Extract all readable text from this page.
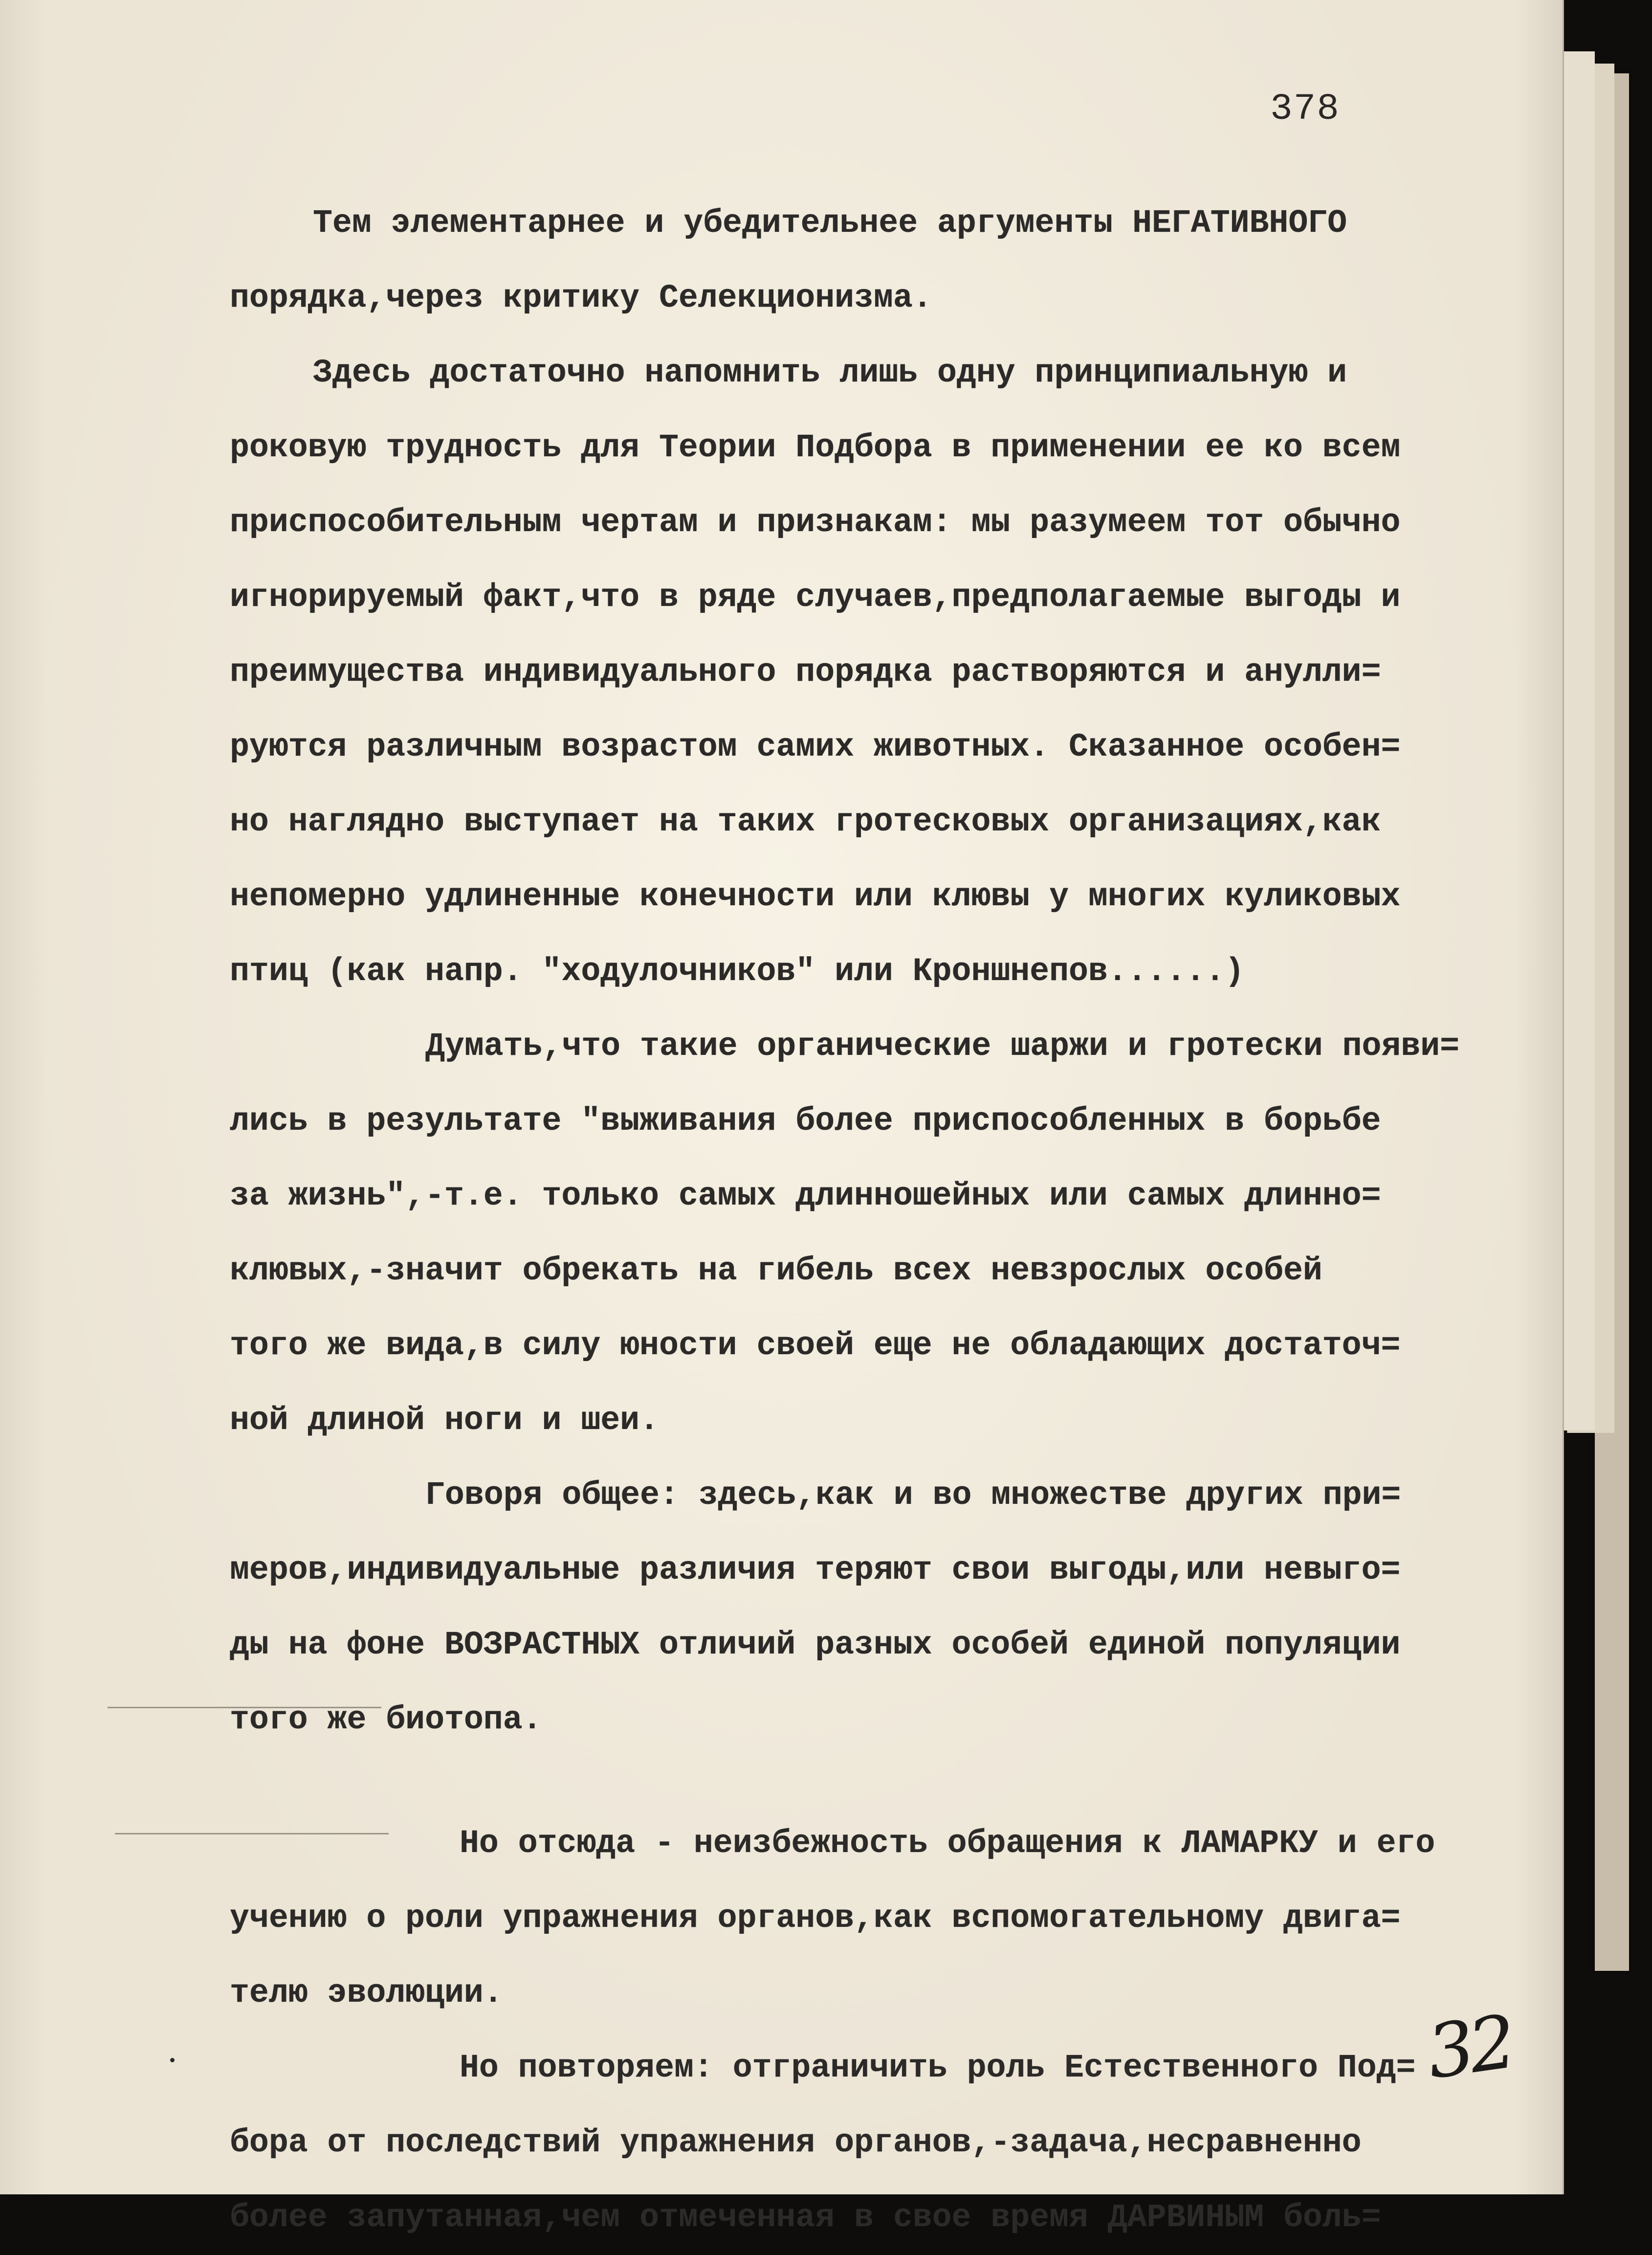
378
Тем элементарнее и убедительнее аргументы НЕГАТИВНОГО
порядка,через критику Селекционизма.
Здесь достаточно напомнить лишь одну принципиальную и
роковую трудность для Теории Подбора в применении ее ко всем
приспособительным чертам и признакам: мы разумеем тот обычно
игнорируемый факт,что в ряде случаев,предполагаемые выгоды и
преимущества индивидуального порядка растворяются и анулли=
руются различным возрастом самих животных. Сказанное особен=
но наглядно выступает на таких гротесковых организациях,как
непомерно удлиненные конечности или клювы у многих куликовых
птиц (как напр. "ходулочников" или Кроншнепов......)
Думать,что такие органические шаржи и гротески появи=
лись в результате "выживания более приспособленных в борьбе
за жизнь",-т.е. только самых длинношейных или самых длинно=
клювых,-значит обрекать на гибель всех невзрослых особей
того же вида,в силу юности своей еще не обладающих достаточ=
ной длиной ноги и шеи.
Говоря общее: здесь,как и во множестве других при=
меров,индивидуальные различия теряют свои выгоды,или невыго=
ды на фоне ВОЗРАСТНЫХ отличий разных особей единой популяции
того же биотопа.
Но отсюда - неизбежность обращения к ЛАМАРКУ и его
учению о роли упражнения органов,как вспомогательному двига=
телю эволюции.
Но повторяем: отграничить роль Естественного Под=
бора от последствий упражнения органов,-задача,несравненно
более запутанная,чем отмеченная в свое время ДАРВИНЫМ боль=
32
